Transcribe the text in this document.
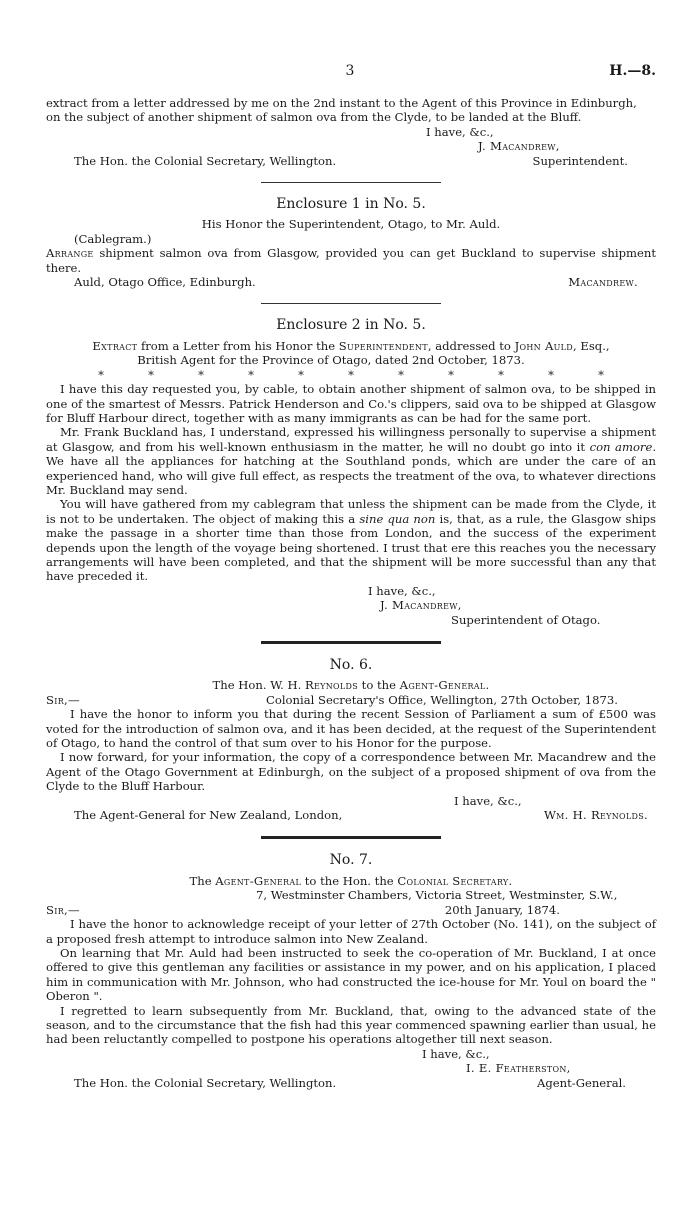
3	H.—8.

extract from a letter addressed by me on the 2nd instant to the Agent of this Province in Edinburgh,

on the subject of another shipment of salmon ova from the Clyde, to be landed at the Bluff.

I have, &c.,

J. Macandrew,

The Hon. the Colonial Secretary, Wellington.	Superintendent.
Enclosure 1 in No. 5.

His Honor the Superintendent, Otago, to Mr. Auld.

(Cablegram.)

Arrange shipment salmon ova from Glasgow, provided you can get Buckland to supervise shipment there.

Auld, Otago Office, Edinburgh.	Macandrew.
Enclosure 2 in No. 5.

Extract from a Letter from his Honor the Superintendent, addressed to John Auld, Esq.,

British Agent for the Province of Otago, dated 2nd October, 1873.

*	*	*	*	*	*	*	*	*	*	*

I have this day requested you, by cable, to obtain another shipment of salmon ova, to be shipped in one of the smartest of Messrs. Patrick Henderson and Co.'s clippers, said ova to be shipped at Glasgow for Bluff Harbour direct, together with as many immigrants as can be had for the same port.

Mr. Frank Buckland has, I understand, expressed his willingness personally to supervise a shipment at Glasgow, and from his well-known enthusiasm in the matter, he will no doubt go into it con amore. We have all the appliances for hatching at the Southland ponds, which are under the care of an experienced hand, who will give full effect, as respects the treatment of the ova, to whatever directions Mr. Buckland may send.

You will have gathered from my cablegram that unless the shipment can be made from the Clyde, it is not to be undertaken. The object of making this a sine qua non is, that, as a rule, the Glasgow ships make the passage in a shorter time than those from London, and the success of the experiment depends upon the length of the voyage being shortened. I trust that ere this reaches you the necessary arrangements will have been completed, and that the shipment will be more successful than any that have preceded it.

I have, &c.,

J. Macandrew,

Superintendent of Otago.

No. 6.

The Hon. W. H. Reynolds to the Agent-General.

Sir,—	Colonial Secretary's Office, Wellington, 27th October, 1873.

I have the honor to inform you that during the recent Session of Parliament a sum of £500 was voted for the introduction of salmon ova, and it has been decided, at the request of the Superintendent of Otago, to hand the control of that sum over to his Honor for the purpose.

I now forward, for your information, the copy of a correspondence between Mr. Macandrew and the Agent of the Otago Government at Edinburgh, on the subject of a proposed shipment of ova from the Clyde to the Bluff Harbour.

I have, &c.,

The Agent-General for New Zealand, London,	Wm. H. Reynolds.
No. 7.

The Agent-General to the Hon. the Colonial Secretary.

7, Westminster Chambers, Victoria Street, Westminster, S.W.,

Sir,—	20th January, 1874.

I have the honor to acknowledge receipt of your letter of 27th October (No. 141), on the subject of a proposed fresh attempt to introduce salmon into New Zealand.

On learning that Mr. Auld had been instructed to seek the co-operation of Mr. Buckland, I at once offered to give this gentleman any facilities or assistance in my power, and on his application, I placed him in communication with Mr. Johnson, who had constructed the ice-house for Mr. Youl on board the " Oberon ".

I regretted to learn subsequently from Mr. Buckland, that, owing to the advanced state of the season, and to the circumstance that the fish had this year commenced spawning earlier than usual, he had been reluctantly compelled to postpone his operations altogether till next season.

I have, &c.,

I. E. Featherston,

The Hon. the Colonial Secretary, Wellington.	Agent-General.
